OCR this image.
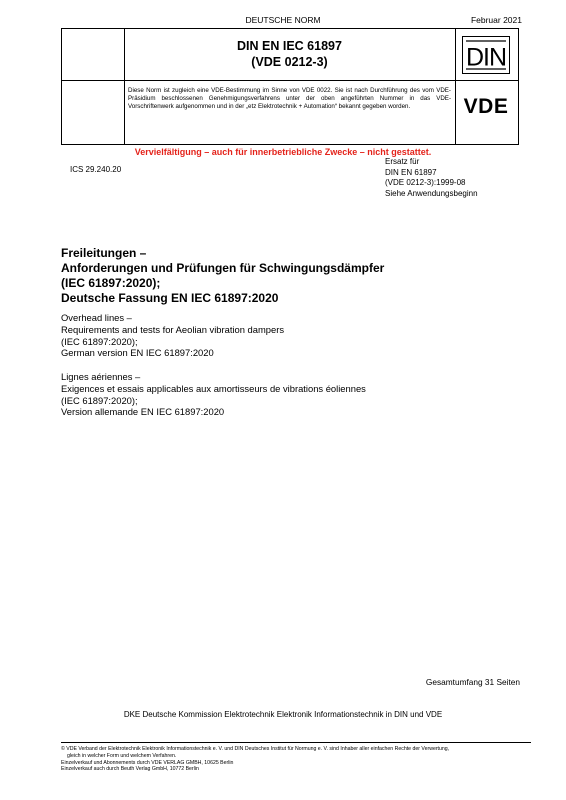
DEUTSCHE NORM	Februar 2021
DIN EN IEC 61897
(VDE 0212-3)	DIN
Diese Norm ist zugleich eine VDE-Bestimmung im Sinne von VDE 0022. Sie ist nach Durchführung des vom VDE-Präsidium beschlossenen Genehmigungsverfahrens unter der oben angeführten Nummer in das VDE-Vorschriftenwerk aufgenommen und in der „etz Elektrotechnik + Automation“ bekannt gegeben worden.	VDE
Vervielfältigung – auch für innerbetriebliche Zwecke – nicht gestattet.
ICS 29.240.20
Ersatz für
DIN EN 61897
(VDE 0212-3):1999-08
Siehe Anwendungsbeginn
Freileitungen –
Anforderungen und Prüfungen für Schwingungsdämpfer
(IEC 61897:2020);
Deutsche Fassung EN IEC 61897:2020
Overhead lines –
Requirements and tests for Aeolian vibration dampers
(IEC 61897:2020);
German version EN IEC 61897:2020
Lignes aériennes –
Exigences et essais applicables aux amortisseurs de vibrations éoliennes
(IEC 61897:2020);
Version allemande EN IEC 61897:2020
Gesamtumfang 31 Seiten
DKE Deutsche Kommission Elektrotechnik Elektronik Informationstechnik in DIN und VDE
© VDE Verband der Elektrotechnik Elektronik Informationstechnik e. V. und DIN Deutsches Institut für Normung e. V. sind Inhaber aller einfachen Rechte der Verwertung,
gleich in welcher Form und welchem Verfahren.
Einzelverkauf und Abonnements durch VDE VERLAG GMBH, 10625 Berlin
Einzelverkauf auch durch Beuth Verlag GmbH, 10772 Berlin
